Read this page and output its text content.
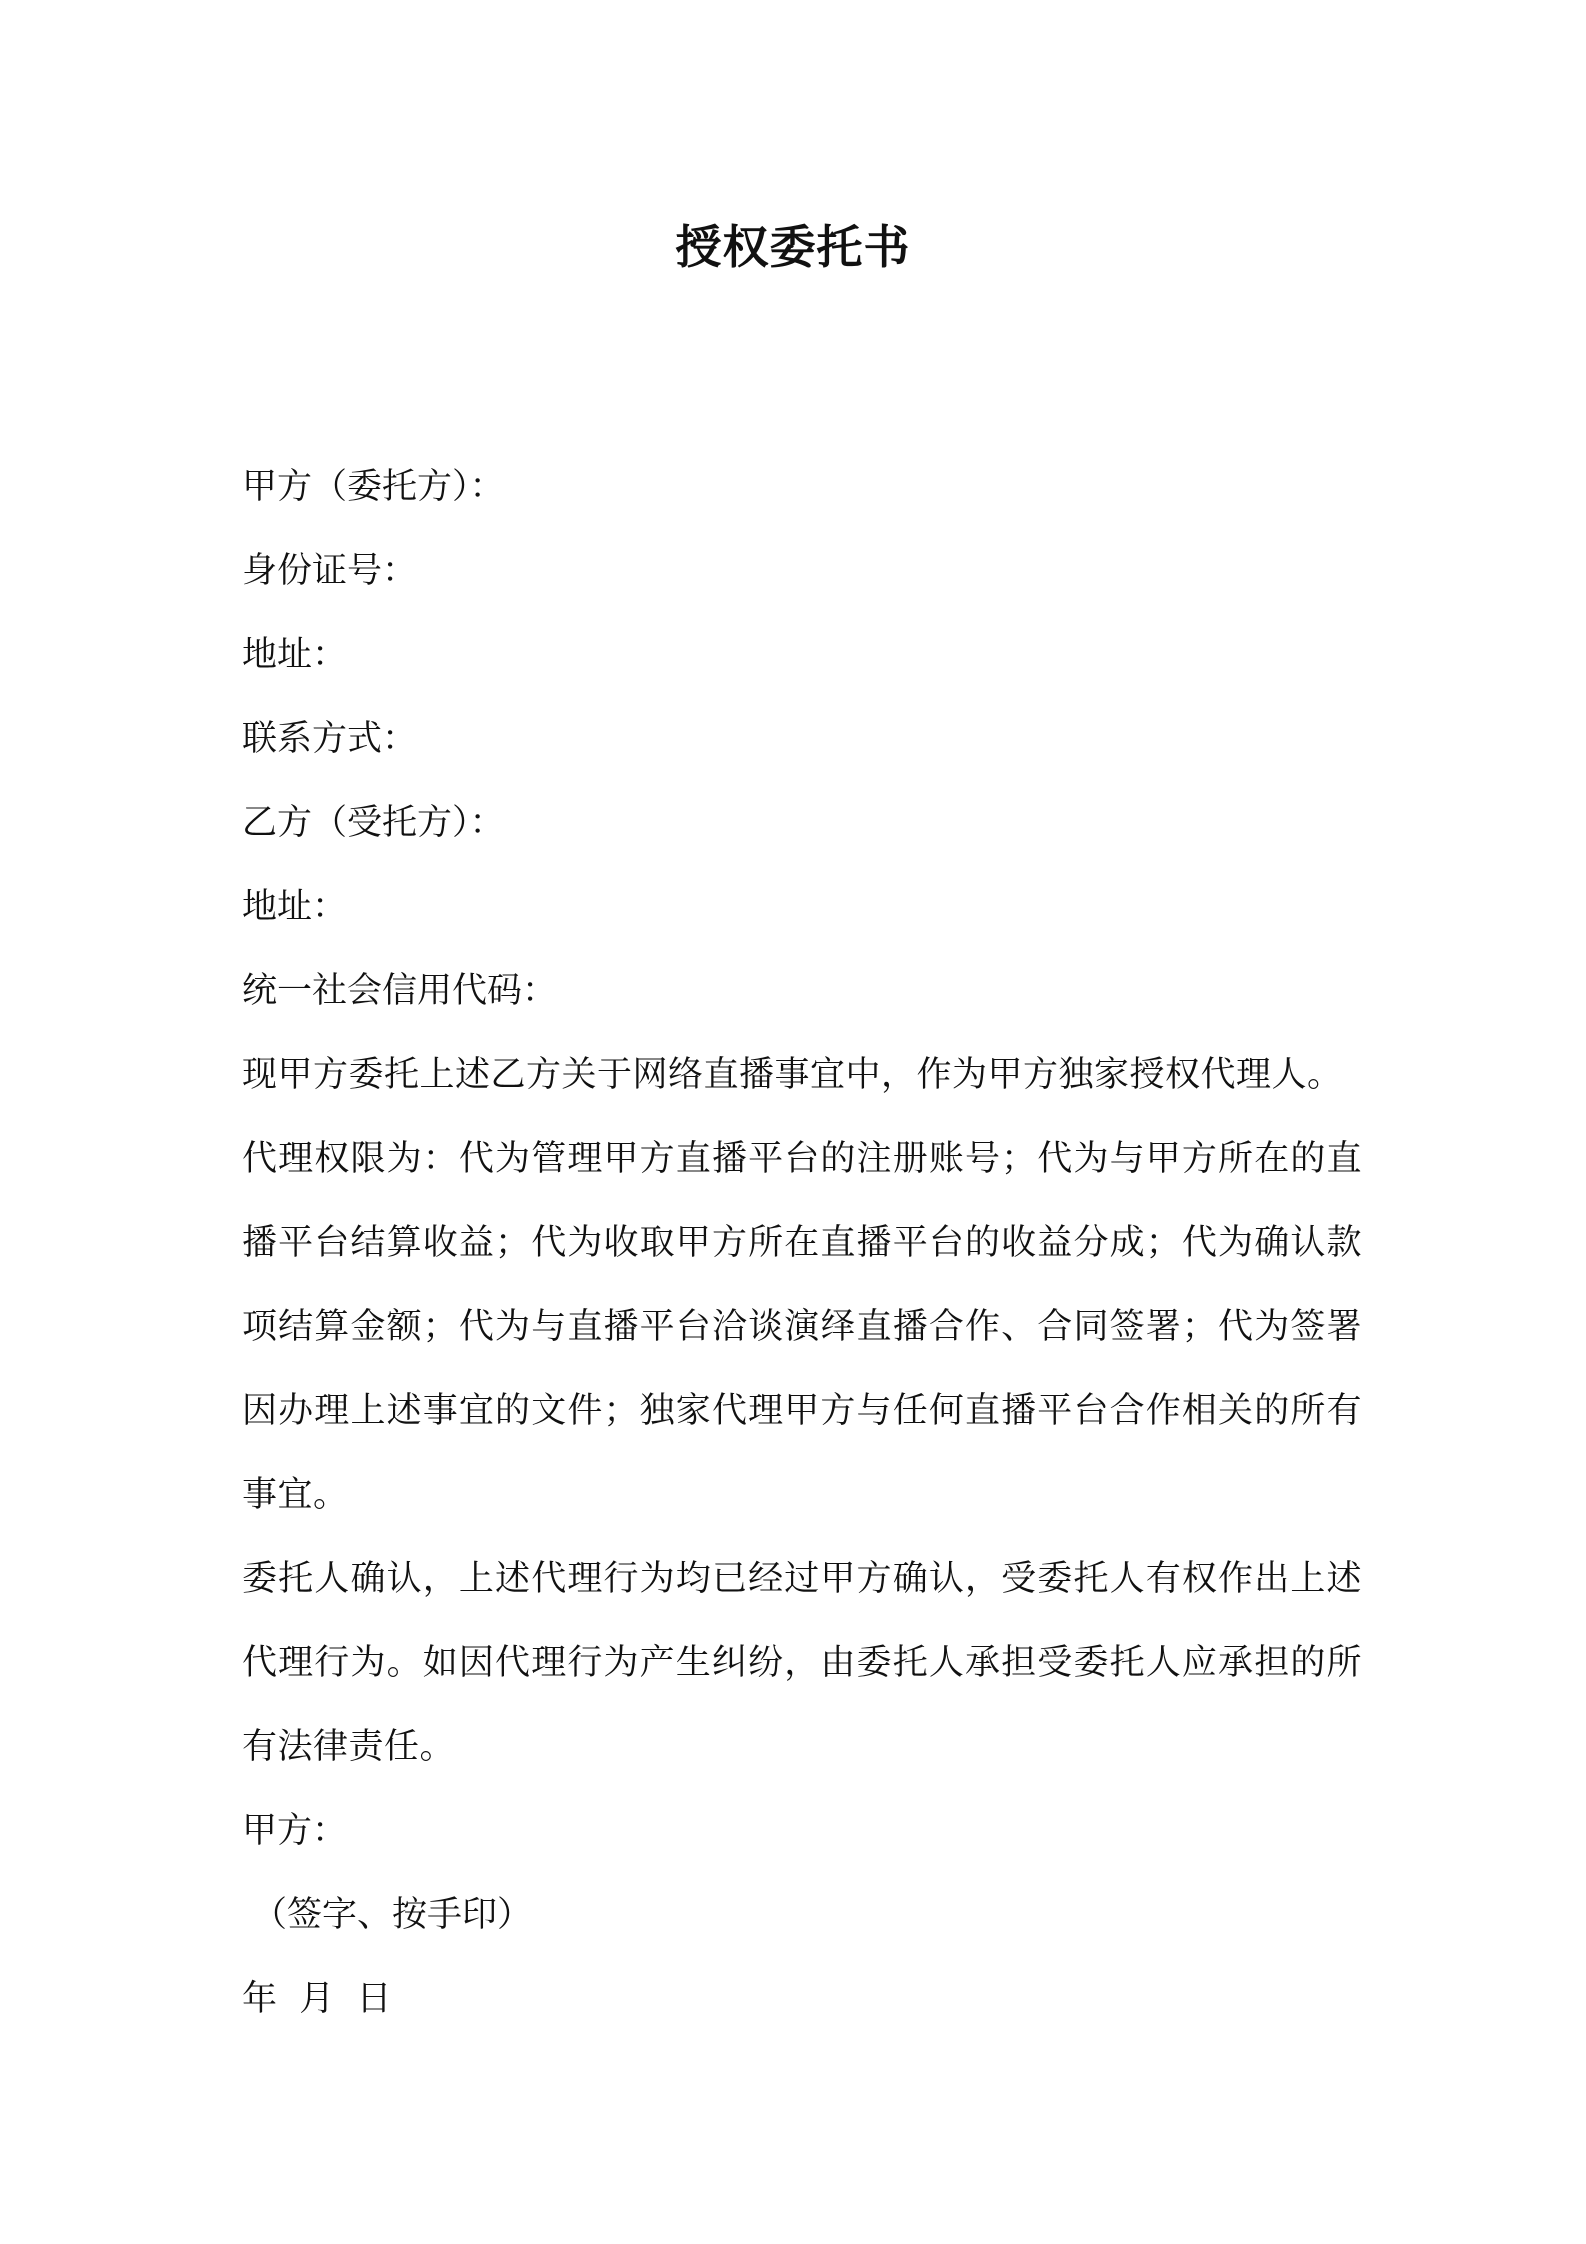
授权委托书
甲方（委托方）：
身份证号：
地址：
联系方式：
乙方（受托方）：
地址：
统一社会信用代码：
现甲方委托上述乙方关于网络直播事宜中，作为甲方独家授权代理人。
代理权限为：代为管理甲方直播平台的注册账号；代为与甲方所在的直播平台结算收益；代为收取甲方所在直播平台的收益分成；代为确认款项结算金额；代为与直播平台洽谈演绎直播合作、合同签署；代为签署因办理上述事宜的文件；独家代理甲方与任何直播平台合作相关的所有事宜。
委托人确认，上述代理行为均已经过甲方确认，受委托人有权作出上述代理行为。如因代理行为产生纠纷，由委托人承担受委托人应承担的所有法律责任。
甲方：
（签字、按手印）
年  月  日
